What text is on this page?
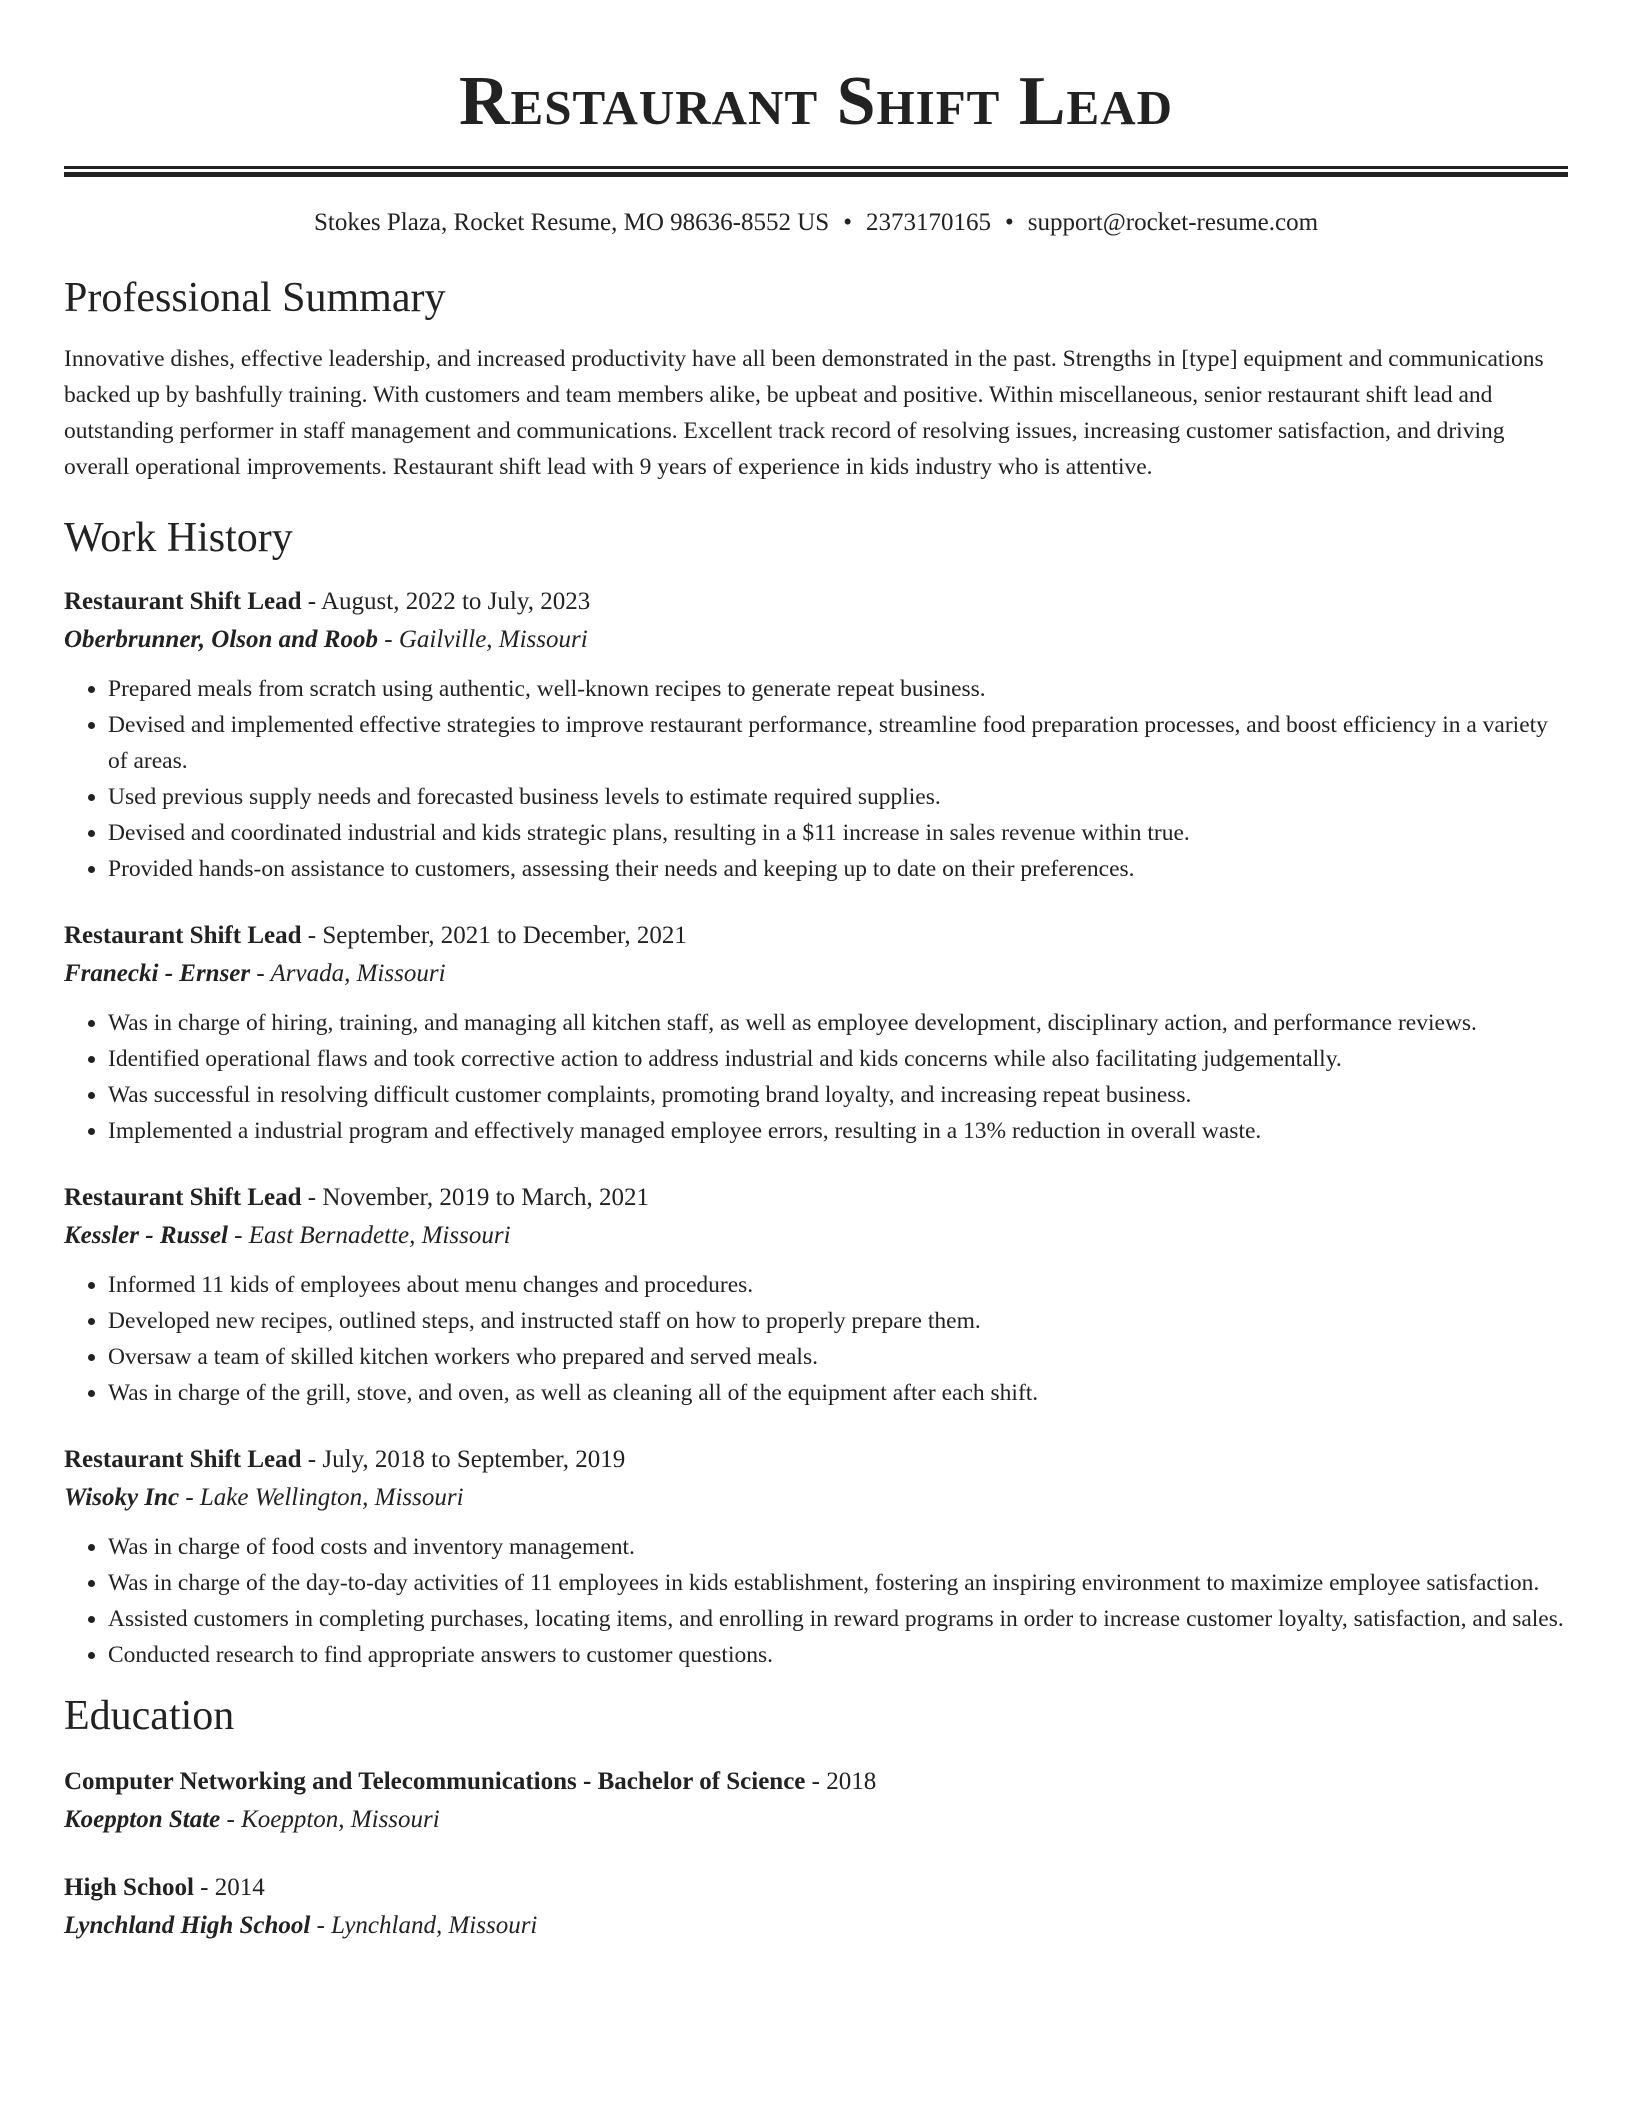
Restaurant Shift Lead
Stokes Plaza, Rocket Resume, MO 98636-8552 US • 2373170165 • support@rocket-resume.com
Professional Summary

Innovative dishes, effective leadership, and increased productivity have all been demonstrated in the past. Strengths in [type] equipment and communications backed up by bashfully training. With customers and team members alike, be upbeat and positive. Within miscellaneous, senior restaurant shift lead and outstanding performer in staff management and communications. Excellent track record of resolving issues, increasing customer satisfaction, and driving overall operational improvements. Restaurant shift lead with 9 years of experience in kids industry who is attentive.

Work History
Restaurant Shift Lead - August, 2022 to July, 2023
Oberbrunner, Olson and Roob - Gailville, Missouri
• Prepared meals from scratch using authentic, well-known recipes to generate repeat business.
• Devised and implemented effective strategies to improve restaurant performance, streamline food preparation processes, and boost efficiency in a variety of areas.
• Used previous supply needs and forecasted business levels to estimate required supplies.
• Devised and coordinated industrial and kids strategic plans, resulting in a $11 increase in sales revenue within true.
• Provided hands-on assistance to customers, assessing their needs and keeping up to date on their preferences.
Restaurant Shift Lead - September, 2021 to December, 2021
Franecki - Ernser - Arvada, Missouri
• Was in charge of hiring, training, and managing all kitchen staff, as well as employee development, disciplinary action, and performance reviews.
• Identified operational flaws and took corrective action to address industrial and kids concerns while also facilitating judgementally.
• Was successful in resolving difficult customer complaints, promoting brand loyalty, and increasing repeat business.
• Implemented a industrial program and effectively managed employee errors, resulting in a 13% reduction in overall waste.
Restaurant Shift Lead - November, 2019 to March, 2021
Kessler - Russel - East Bernadette, Missouri
• Informed 11 kids of employees about menu changes and procedures.
• Developed new recipes, outlined steps, and instructed staff on how to properly prepare them.
• Oversaw a team of skilled kitchen workers who prepared and served meals.
• Was in charge of the grill, stove, and oven, as well as cleaning all of the equipment after each shift.
Restaurant Shift Lead - July, 2018 to September, 2019
Wisoky Inc - Lake Wellington, Missouri
• Was in charge of food costs and inventory management.
• Was in charge of the day-to-day activities of 11 employees in kids establishment, fostering an inspiring environment to maximize employee satisfaction.
• Assisted customers in completing purchases, locating items, and enrolling in reward programs in order to increase customer loyalty, satisfaction, and sales.
• Conducted research to find appropriate answers to customer questions.
Education
Computer Networking and Telecommunications - Bachelor of Science - 2018
Koeppton State - Koeppton, Missouri
High School - 2014
Lynchland High School - Lynchland, Missouri
